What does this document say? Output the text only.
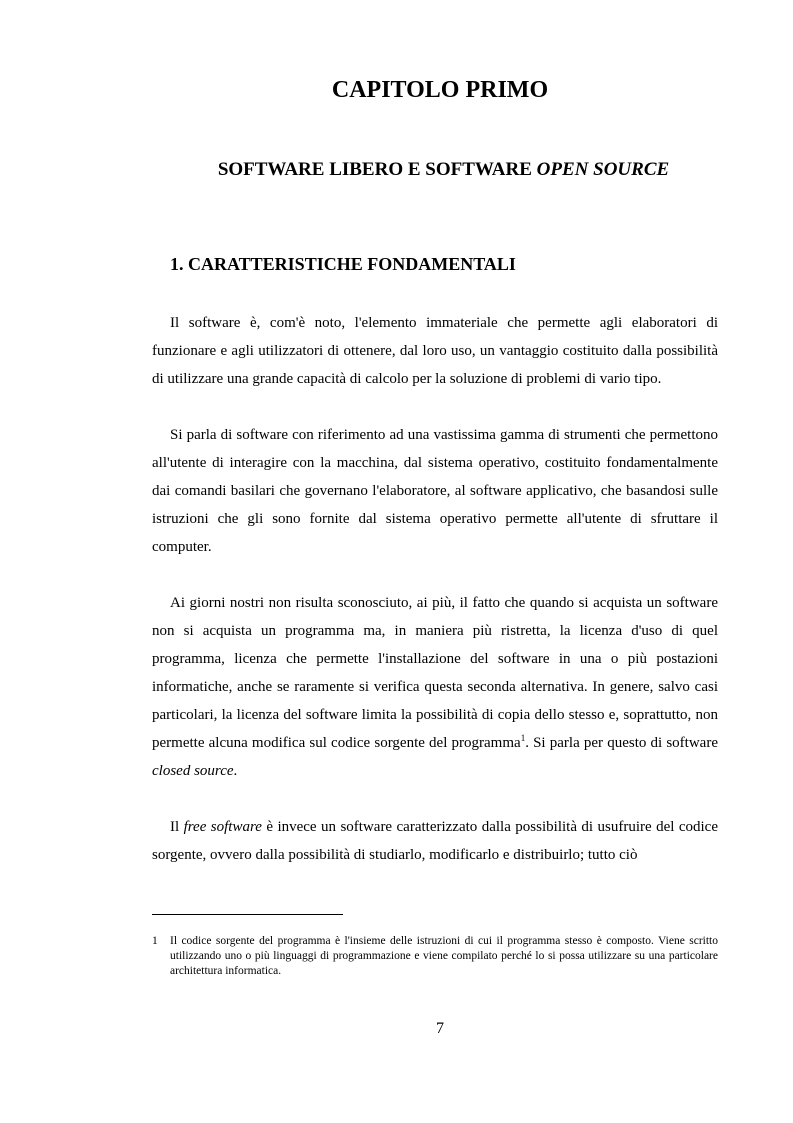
CAPITOLO PRIMO
SOFTWARE LIBERO E SOFTWARE OPEN SOURCE
1. CARATTERISTICHE FONDAMENTALI

Il software è, com'è noto, l'elemento immateriale che permette agli elaboratori di funzionare e agli utilizzatori di ottenere, dal loro uso, un vantaggio costituito dalla possibilità di utilizzare una grande capacità di calcolo per la soluzione di problemi di vario tipo.

Si parla di software con riferimento ad una vastissima gamma di strumenti che permettono all'utente di interagire con la macchina, dal sistema operativo, costituito fondamentalmente dai comandi basilari che governano l'elaboratore, al software applicativo, che basandosi sulle istruzioni che gli sono fornite dal sistema operativo permette all'utente di sfruttare il computer.

Ai giorni nostri non risulta sconosciuto, ai più, il fatto che quando si acquista un software non si acquista un programma ma, in maniera più ristretta, la licenza d'uso di quel programma, licenza che permette l'installazione del software in una o più postazioni informatiche, anche se raramente si verifica questa seconda alternativa. In genere, salvo casi particolari, la licenza del software limita la possibilità di copia dello stesso e, soprattutto, non permette alcuna modifica sul codice sorgente del programma$^1$. Si parla per questo di software closed source.

Il free software è invece un software caratterizzato dalla possibilità di usufruire del codice sorgente, ovvero dalla possibilità di studiarlo, modificarlo e distribuirlo; tutto ciò

1 Il codice sorgente del programma è l'insieme delle istruzioni di cui il programma stesso è composto. Viene scritto utilizzando uno o più linguaggi di programmazione e viene compilato perché lo si possa utilizzare su una particolare architettura informatica.
7
